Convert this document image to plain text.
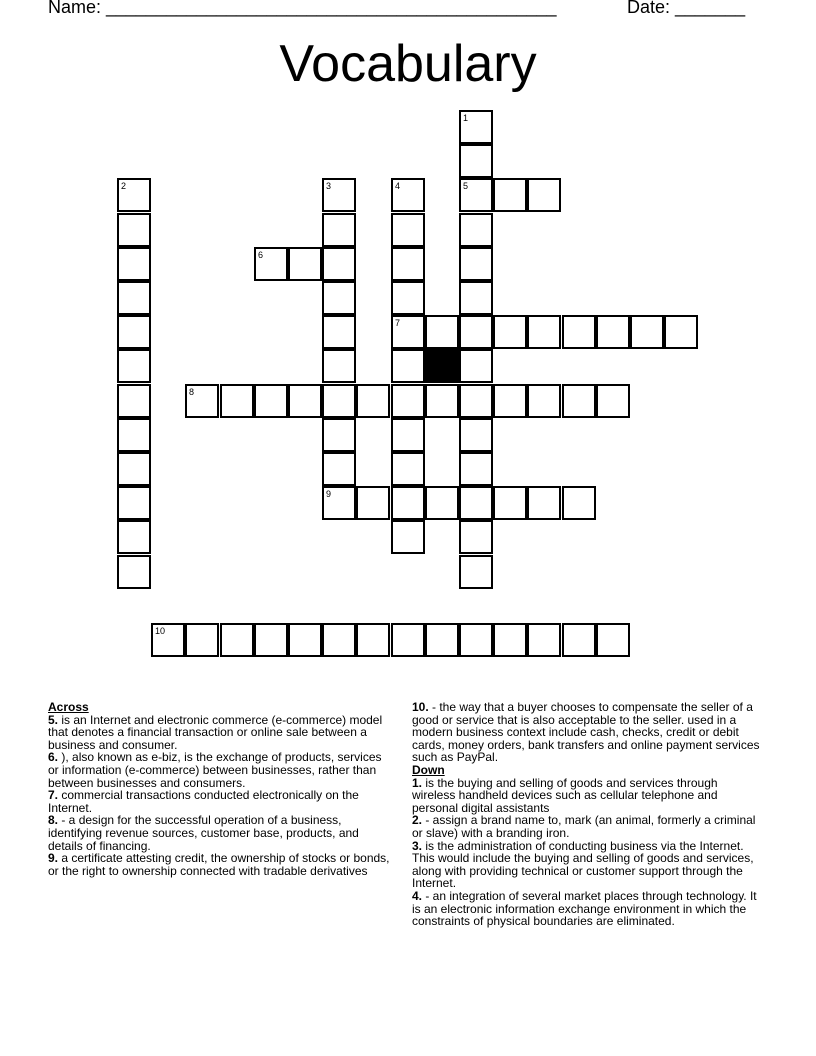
Name: _____________________________________________	Date: _______
Vocabulary
1
5
2	3
9
4
7
6
8
10
Across

5. is an Internet and electronic commerce (e-commerce) model that denotes a financial transaction or online sale between a business and consumer.

6. ), also known as e-biz, is the exchange of products, services or information (e-commerce) between businesses, rather than between businesses and consumers.

7. commercial transactions conducted electronically on the Internet.

8. - a design for the successful operation of a business, identifying revenue sources, customer base, products, and details of financing.

9. a certificate attesting credit, the ownership of stocks or bonds, or the right to ownership connected with tradable derivatives

10. - the way that a buyer chooses to compensate the seller of a good or service that is also acceptable to the seller. used in a modern business context include cash, checks, credit or debit cards, money orders, bank transfers and online payment services such as PayPal.

Down

1. is the buying and selling of goods and services through wireless handheld devices such as cellular telephone and personal digital assistants

2. - assign a brand name to, mark (an animal, formerly a criminal or slave) with a branding iron.

3. is the administration of conducting business via the Internet. This would include the buying and selling of goods and services, along with providing technical or customer support through the Internet.

4. - an integration of several market places through technology. It is an electronic information exchange environment in which the constraints of physical boundaries are eliminated.
